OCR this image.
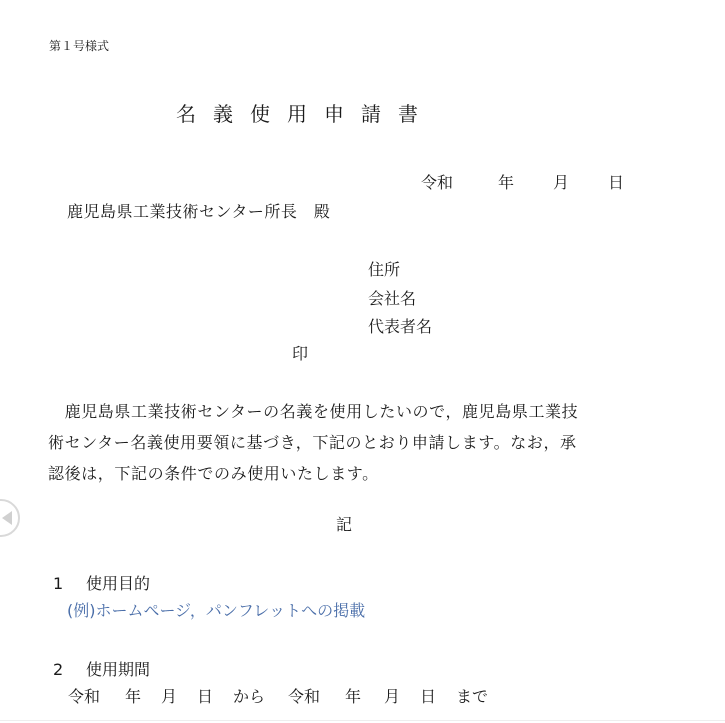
第１号様式
名義使用申請書
令和	年 月 日
鹿児島県工業技術センター所長　殿
住所
会社名
代表者名
印
　鹿児島県工業技術センターの名義を使用したいので，鹿児島県工業技
術センター名義使用要領に基づき，下記のとおり申請します。なお，承
認後は，下記の条件でのみ使用いたします。
記
1 使用目的
(例)ホームページ，パンフレットへの掲載
2 使用期間
令和 年 月 日 から 令和 年 月 日 まで
